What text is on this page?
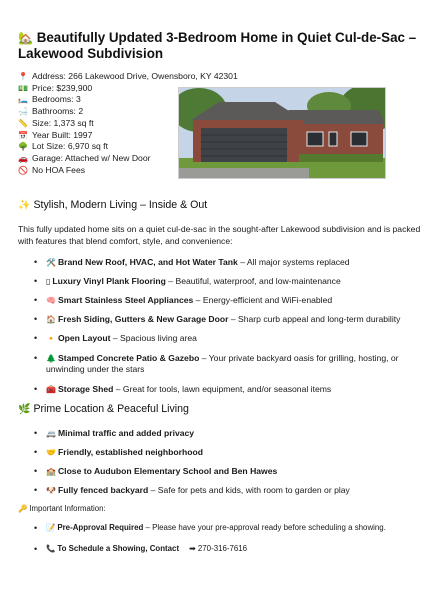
🏡 Beautifully Updated 3-Bedroom Home in Quiet Cul-de-Sac – Lakewood Subdivision
📍 Address: 266 Lakewood Drive, Owensboro, KY 42301
💵 Price: $239,900
🛏️ Bedrooms: 3
🛁 Bathrooms: 2
📏 Size: 1,373 sq ft
📅 Year Built: 1997
🌳 Lot Size: 6,970 sq ft
🚗 Garage: Attached w/ New Door
🚫 No HOA Fees
✨ Stylish, Modern Living – Inside & Out

This fully updated home sits on a quiet cul-de-sac in the sought-after Lakewood subdivision and is packed with features that blend comfort, style, and convenience:

• 🛠️ Brand New Roof, HVAC, and Hot Water Tank – All major systems replaced
• ▯ Luxury Vinyl Plank Flooring – Beautiful, waterproof, and low-maintenance
• 🧠 Smart Stainless Steel Appliances – Energy-efficient and WiFi-enabled
• 🏠 Fresh Siding, Gutters & New Garage Door – Sharp curb appeal and long-term durability
• 🔸 Open Layout – Spacious living area
• 🌲 Stamped Concrete Patio & Gazebo – Your private backyard oasis for grilling, hosting, or unwinding under the stars
• 🧰 Storage Shed – Great for tools, lawn equipment, and/or seasonal items
🌿 Prime Location & Peaceful Living
• 🚐 Minimal traffic and added privacy
• 🤝 Friendly, established neighborhood
• 🏫 Close to Audubon Elementary School and Ben Hawes
• 🐶 Fully fenced backyard – Safe for pets and kids, with room to garden or play
🔑 Important Information:
• 📝 Pre-Approval Required – Please have your pre-approval ready before scheduling a showing.
• 📞 To Schedule a Showing, Contact ➡ 270-316-7616
